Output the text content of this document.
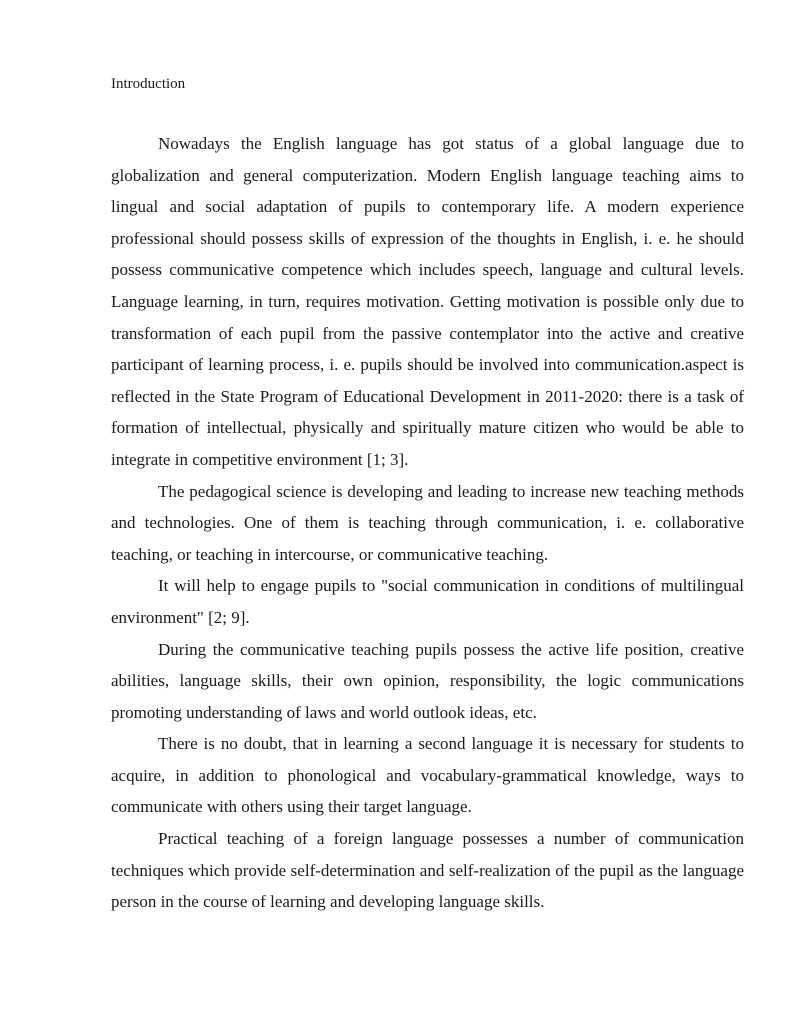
Introduction

Nowadays the English language has got status of a global language due to globalization and general computerization. Modern English language teaching aims to lingual and social adaptation of pupils to contemporary life. A modern experience professional should possess skills of expression of the thoughts in English, i. e. he should possess communicative competence which includes speech, language and cultural levels. Language learning, in turn, requires motivation. Getting motivation is possible only due to transformation of each pupil from the passive contemplator into the active and creative participant of learning process, i. e. pupils should be involved into communication.aspect is reflected in the State Program of Educational Development in 2011-2020: there is a task of formation of intellectual, physically and spiritually mature citizen who would be able to integrate in competitive environment [1; 3].

The pedagogical science is developing and leading to increase new teaching methods and technologies. One of them is teaching through communication, i. e. collaborative teaching, or teaching in intercourse, or communicative teaching.

It will help to engage pupils to "social communication in conditions of multilingual environment" [2; 9].

During the communicative teaching pupils possess the active life position, creative abilities, language skills, their own opinion, responsibility, the logic communications promoting understanding of laws and world outlook ideas, etc.

There is no doubt, that in learning a second language it is necessary for students to acquire, in addition to phonological and vocabulary-grammatical knowledge, ways to communicate with others using their target language.

Practical teaching of a foreign language possesses a number of communication techniques which provide self-determination and self-realization of the pupil as the language person in the course of learning and developing language skills.
